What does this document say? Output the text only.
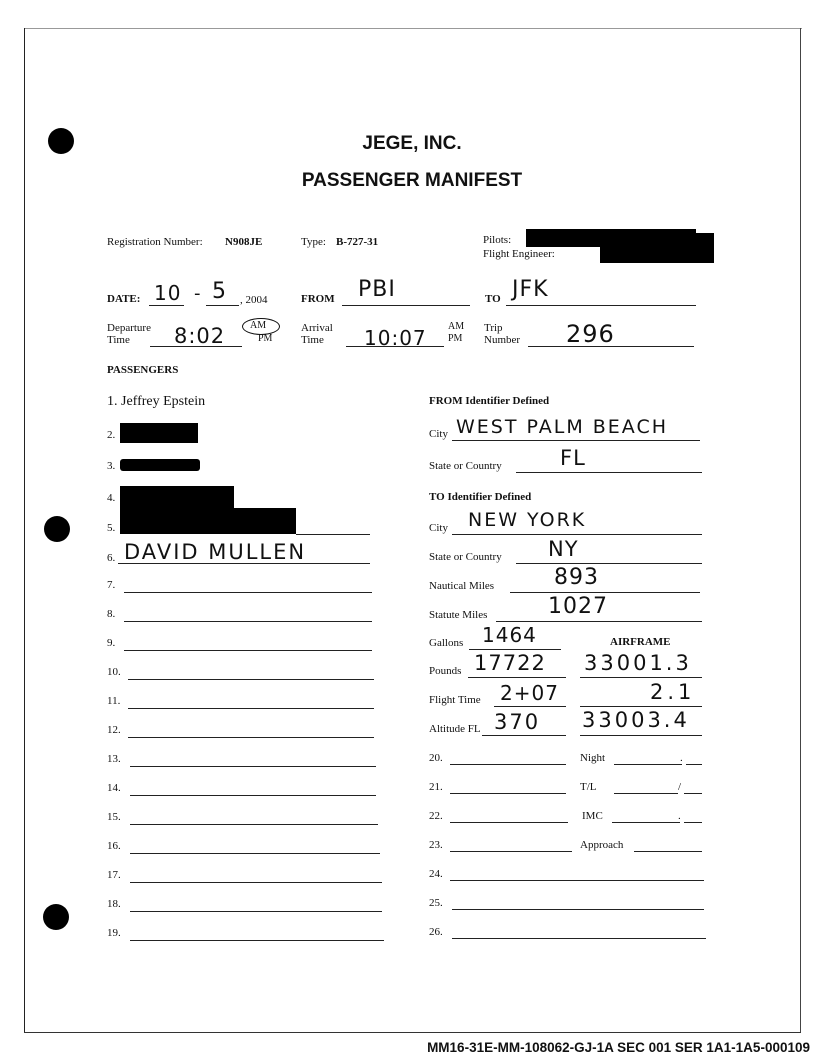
JEGE, INC.
PASSENGER MANIFEST
Registration Number: N908JE	Type: B-727-31	Pilots:
Flight Engineer:
DATE: 10 - 5 , 2004	FROM PBI	TO JFK
Departure
Time	8:02 AM
PM
Arrival
Time	10:07 AM
PM
Trip
Number 296
PASSENGERS
1. Jeffrey Epstein
2.
3.
4.
5.
6. DAVID MULLEN
7.
8.
9.
10.
11.
12.
13.
14.
15.
16.
17.
18.
19.
FROM Identifier Defined
City WEST PALM BEACH
State or Country	FL
TO Identifier Defined
City NEW YORK
State or Country NY
Nautical Miles	893
Statute Miles	1027
Gallons 1464	AIRFRAME
Pounds 17722 33001.3
Flight Time 2+07	2.1
Altitude FL 370 33003.4
20.	Night	.
21.	T/L	/
22.	IMC	.
23.	Approach
24.
25.
26.
MM16-31E-MM-108062-GJ-1A SEC 001 SER 1A1-1A5-000109
